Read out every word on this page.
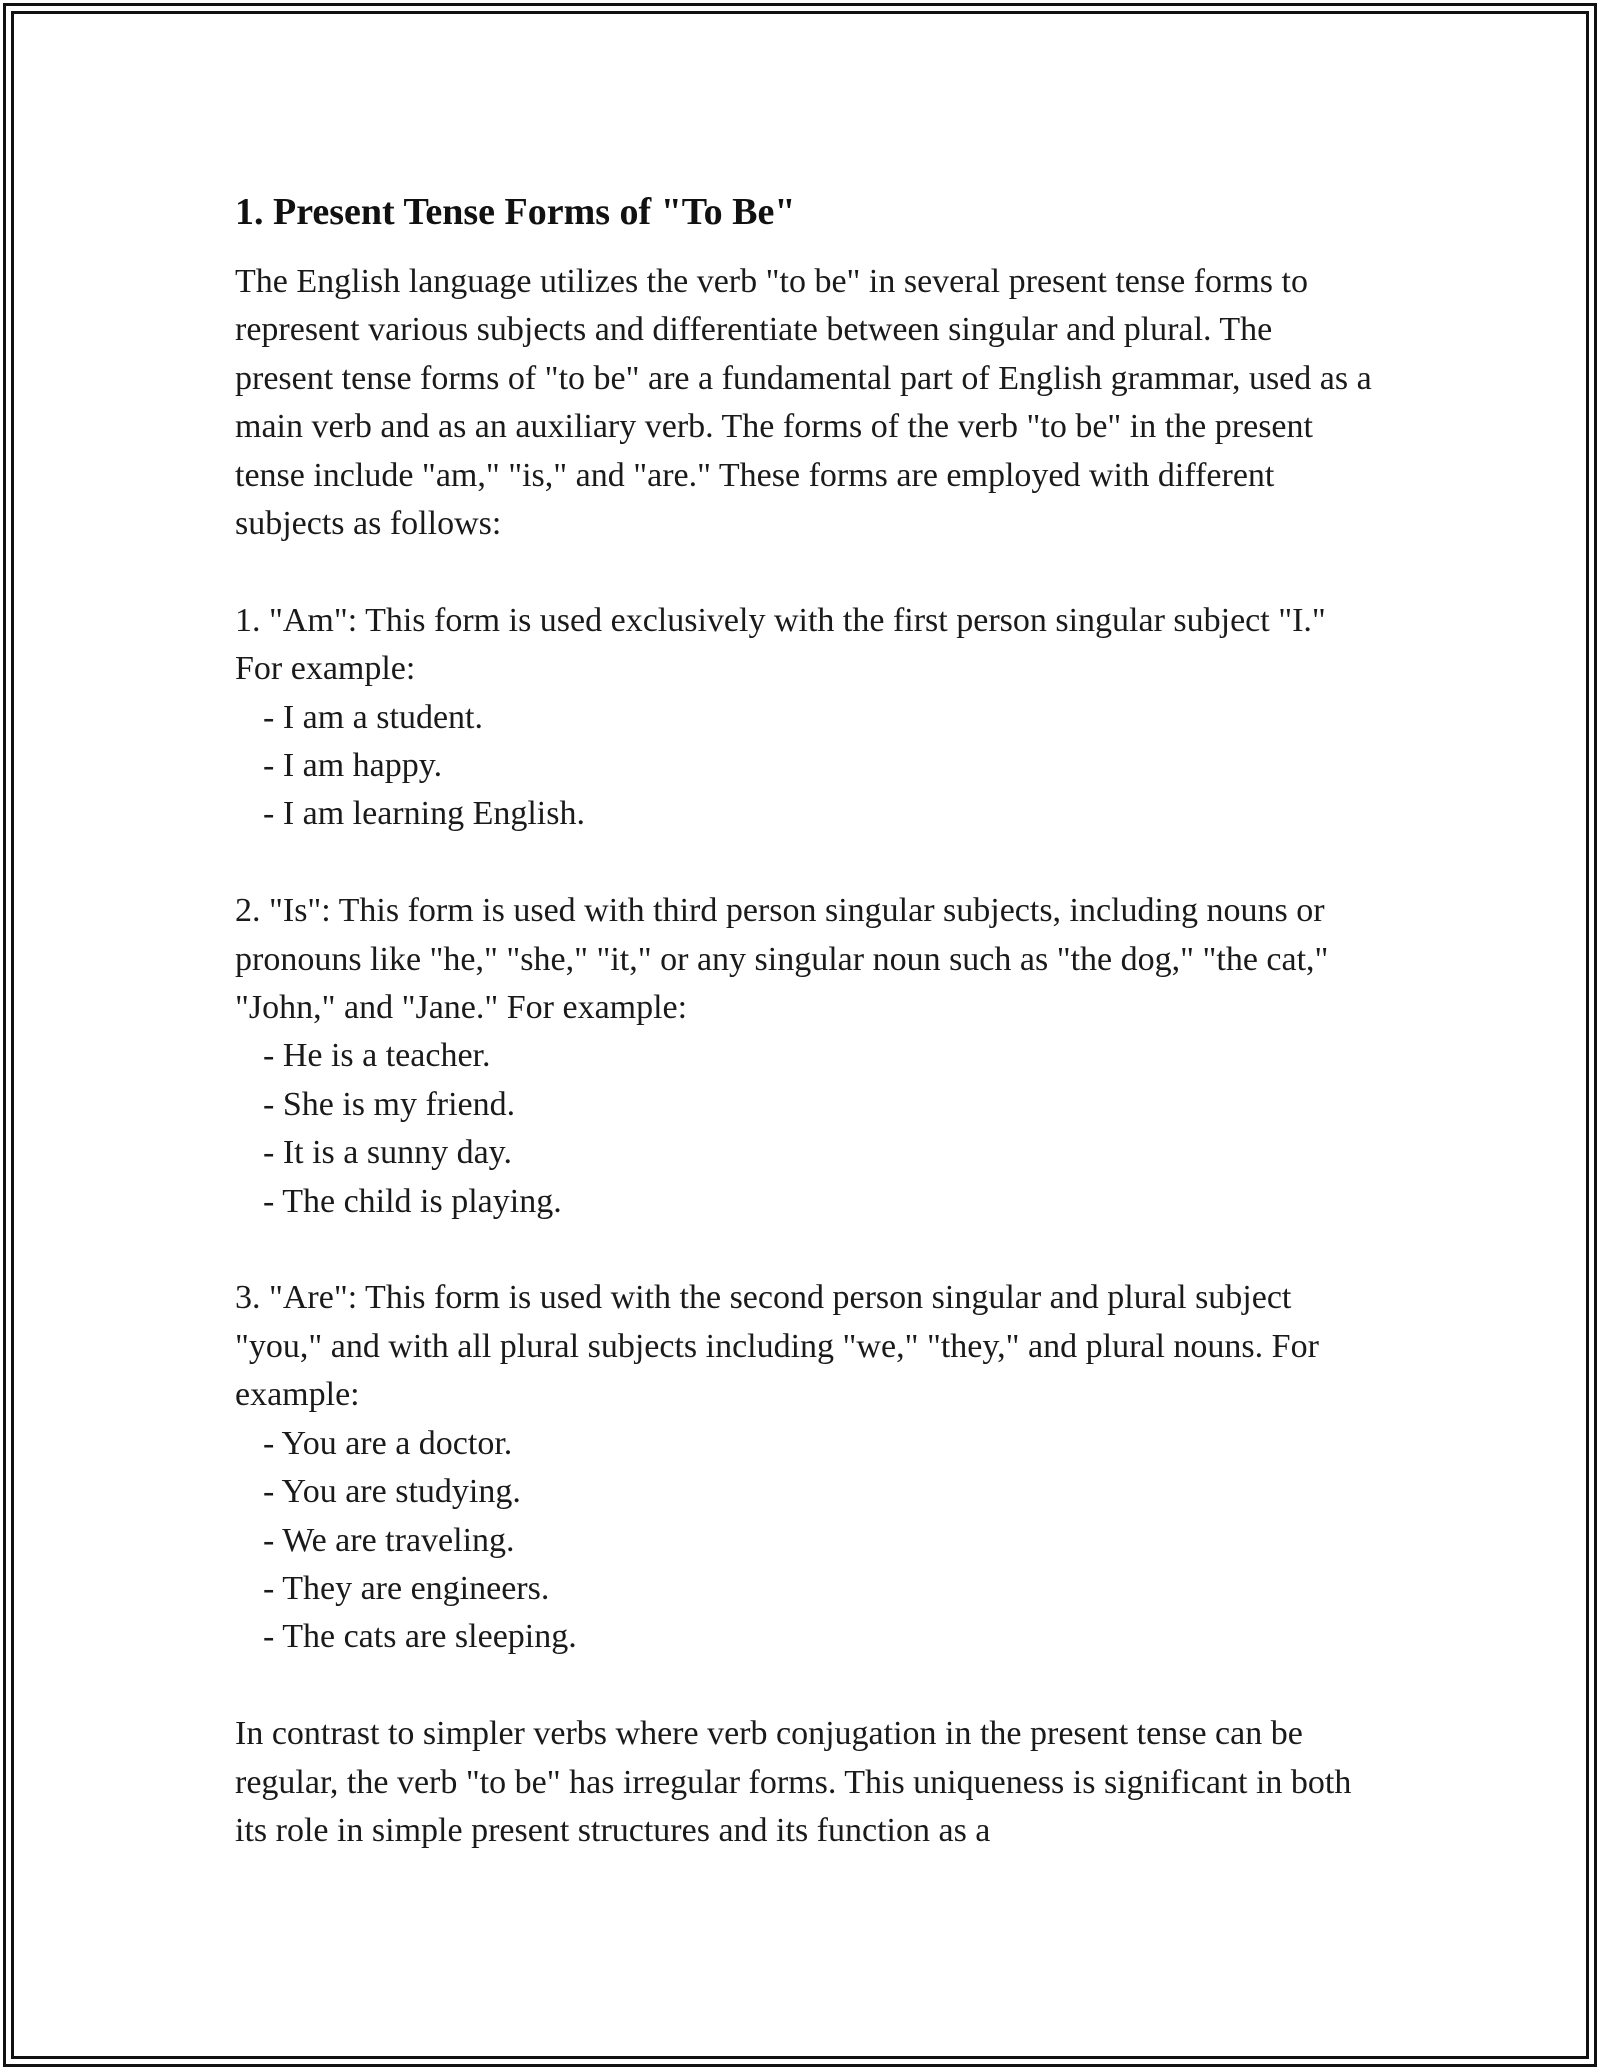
1. Present Tense Forms of "To Be"

The English language utilizes the verb "to be" in several present tense forms to represent various subjects and differentiate between singular and plural. The present tense forms of "to be" are a fundamental part of English grammar, used as a main verb and as an auxiliary verb. The forms of the verb "to be" in the present tense include "am," "is," and "are." These forms are employed with different subjects as follows:

1. "Am": This form is used exclusively with the first person singular subject "I." For example:

- I am a student.
- I am happy.
- I am learning English.

2. "Is": This form is used with third person singular subjects, including nouns or pronouns like "he," "she," "it," or any singular noun such as "the dog," "the cat," "John," and "Jane." For example:

- He is a teacher.
- She is my friend.
- It is a sunny day.
- The child is playing.

3. "Are": This form is used with the second person singular and plural subject "you," and with all plural subjects including "we," "they," and plural nouns. For example:

- You are a doctor.
- You are studying.
- We are traveling.
- They are engineers.
- The cats are sleeping.

In contrast to simpler verbs where verb conjugation in the present tense can be regular, the verb "to be" has irregular forms. This uniqueness is significant in both its role in simple present structures and its function as a
